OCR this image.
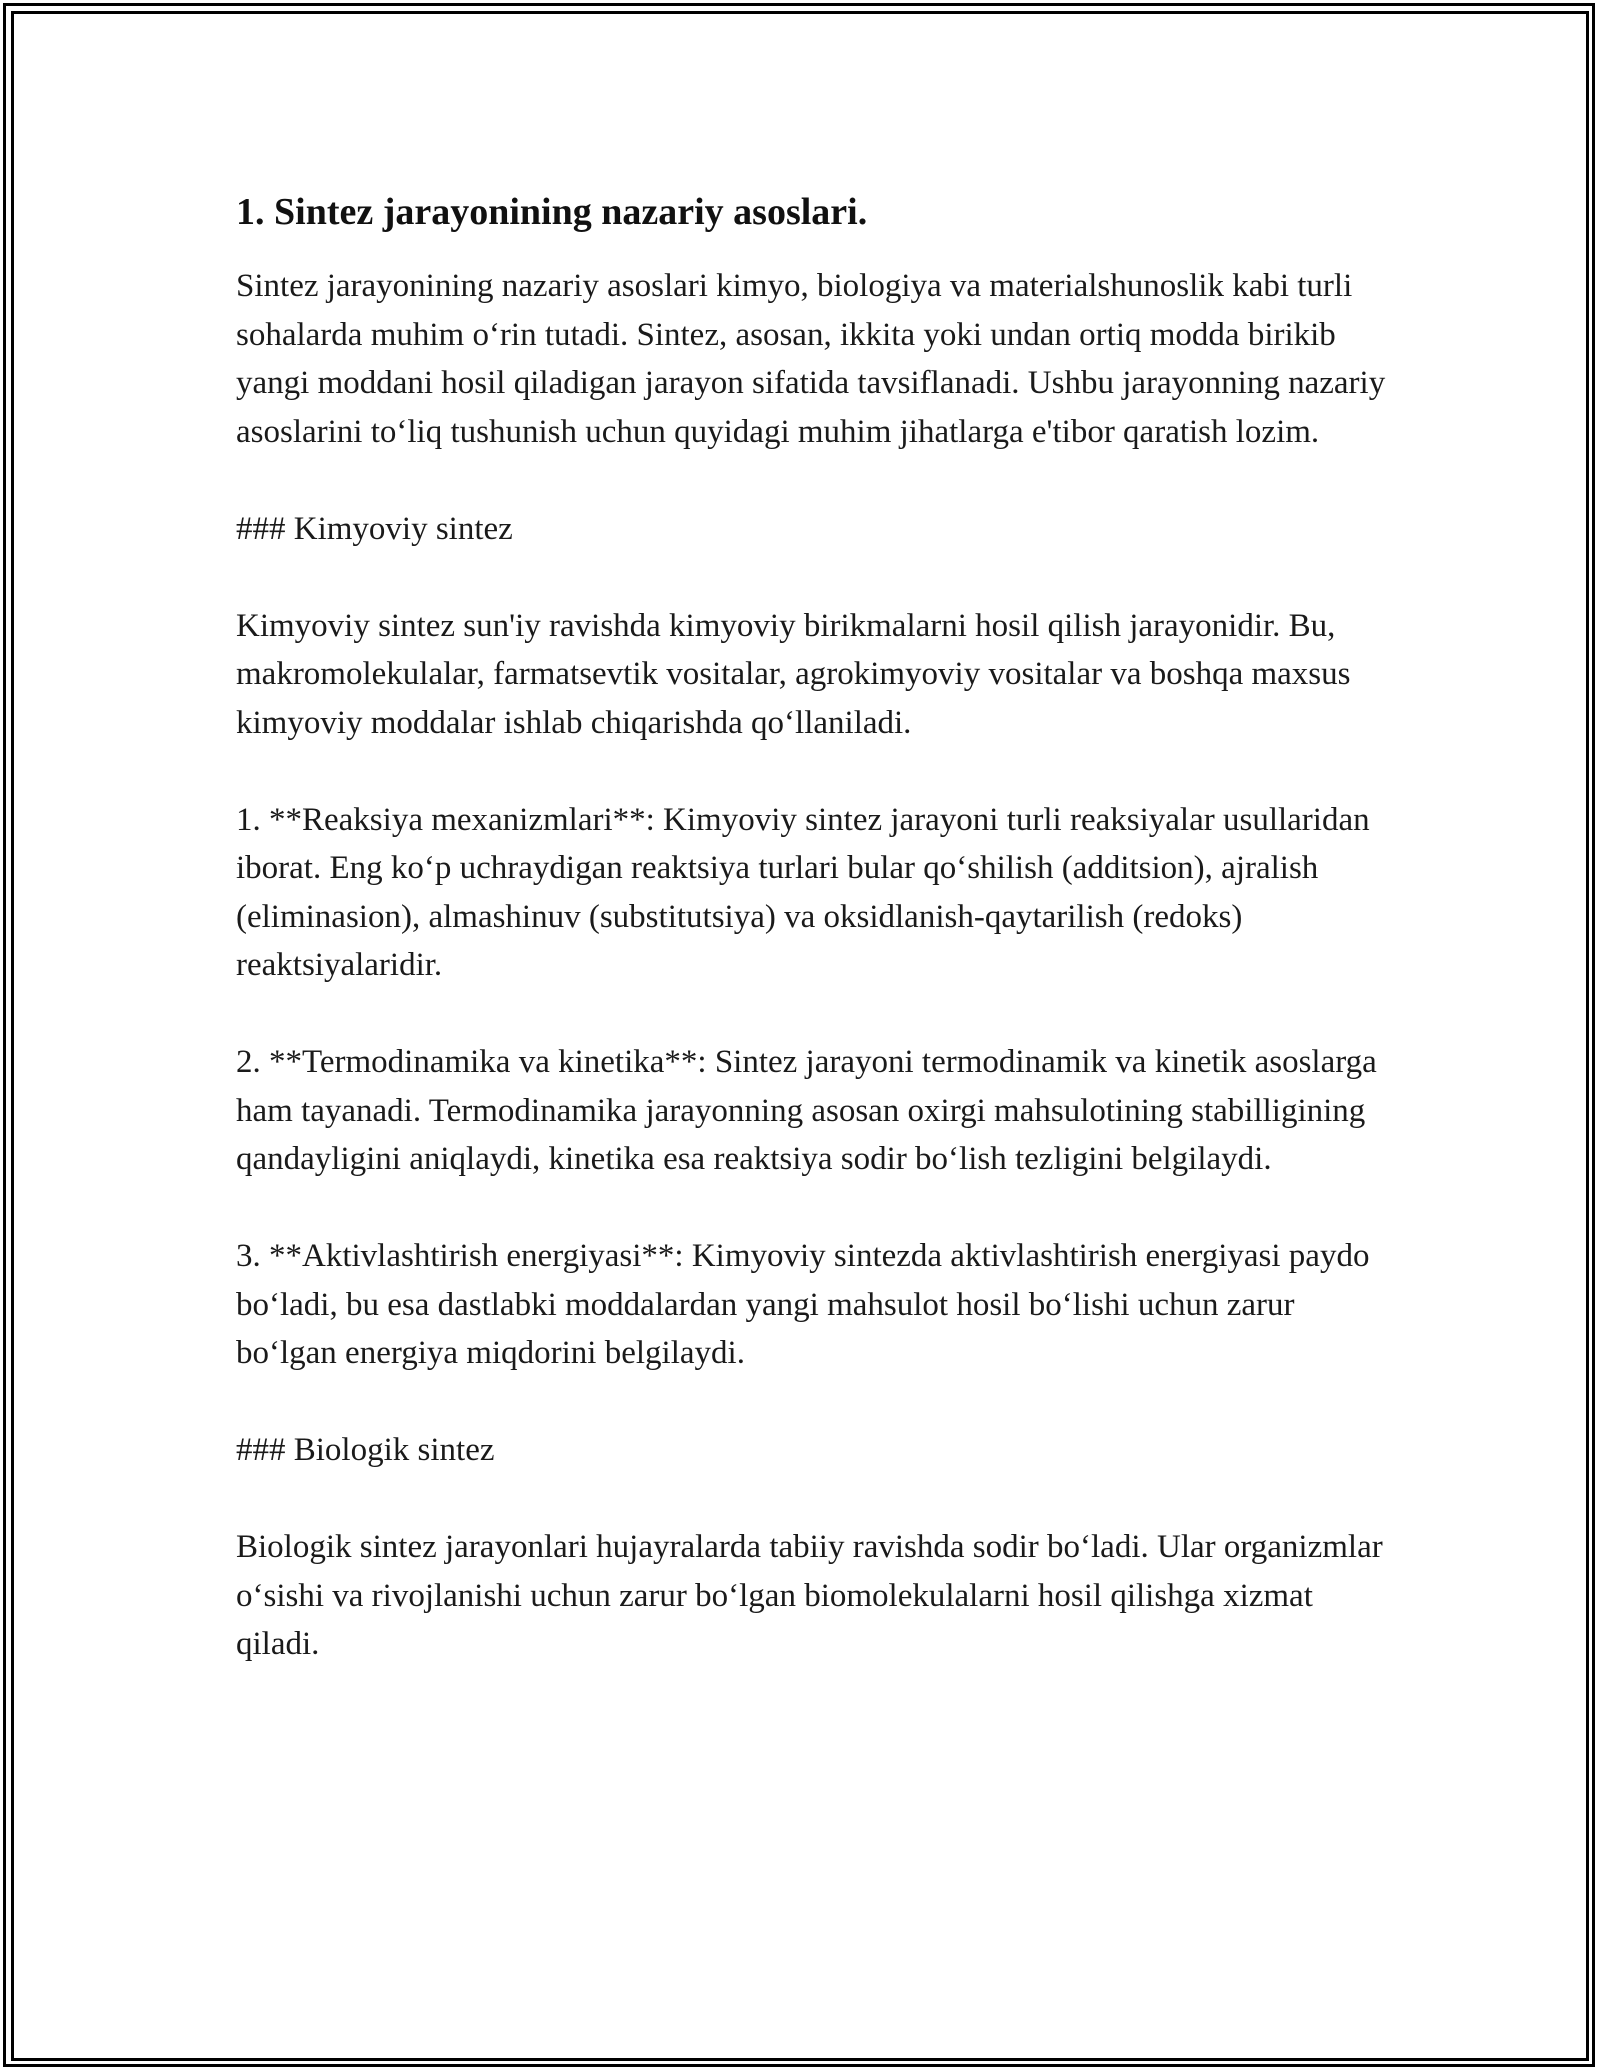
1. Sintez jarayonining nazariy asoslari.

Sintez jarayonining nazariy asoslari kimyo, biologiya va materialshunoslik kabi turli sohalarda muhim o‘rin tutadi. Sintez, asosan, ikkita yoki undan ortiq modda birikib yangi moddani hosil qiladigan jarayon sifatida tavsiflanadi. Ushbu jarayonning nazariy asoslarini to‘liq tushunish uchun quyidagi muhim jihatlarga e'tibor qaratish lozim.

### Kimyoviy sintez

Kimyoviy sintez sun'iy ravishda kimyoviy birikmalarni hosil qilish jarayonidir. Bu, makromolekulalar, farmatsevtik vositalar, agrokimyoviy vositalar va boshqa maxsus kimyoviy moddalar ishlab chiqarishda qo‘llaniladi.

1. **Reaksiya mexanizmlari**: Kimyoviy sintez jarayoni turli reaksiyalar usullaridan iborat. Eng ko‘p uchraydigan reaktsiya turlari bular qo‘shilish (additsion), ajralish (eliminasion), almashinuv (substitutsiya) va oksidlanish-qaytarilish (redoks) reaktsiyalaridir.

2. **Termodinamika va kinetika**: Sintez jarayoni termodinamik va kinetik asoslarga ham tayanadi. Termodinamika jarayonning asosan oxirgi mahsulotining stabilligining qandayligini aniqlaydi, kinetika esa reaktsiya sodir bo‘lish tezligini belgilaydi.

3. **Aktivlashtirish energiyasi**: Kimyoviy sintezda aktivlashtirish energiyasi paydo bo‘ladi, bu esa dastlabki moddalardan yangi mahsulot hosil bo‘lishi uchun zarur bo‘lgan energiya miqdorini belgilaydi.

### Biologik sintez

Biologik sintez jarayonlari hujayralarda tabiiy ravishda sodir bo‘ladi. Ular organizmlar o‘sishi va rivojlanishi uchun zarur bo‘lgan biomolekulalarni hosil qilishga xizmat qiladi.
